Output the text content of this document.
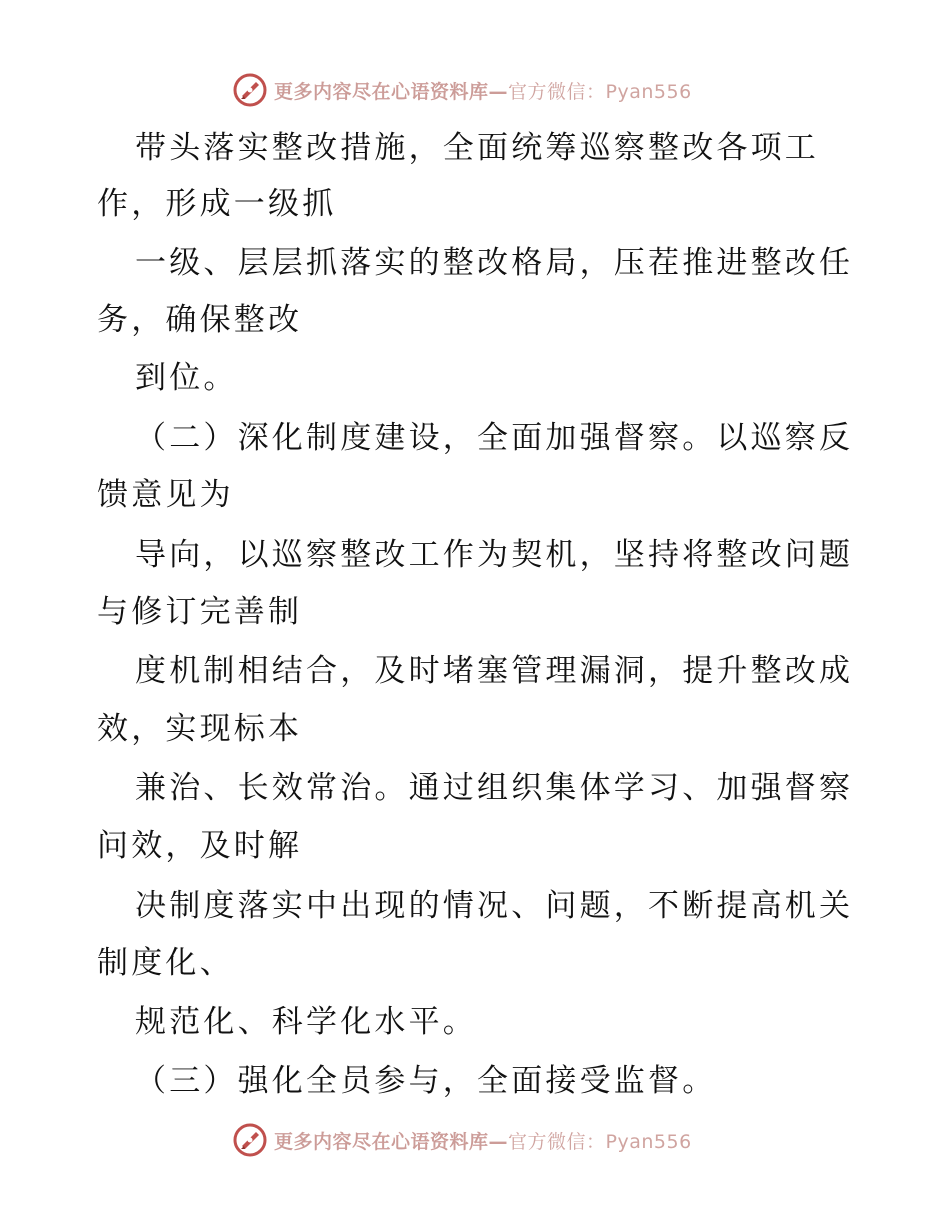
更多内容尽在心语资料库—官方微信：Pyan556
带头落实整改措施，全面统筹巡察整改各项工
作，形成一级抓
一级、层层抓落实的整改格局，压茬推进整改任
务，确保整改
到位。
（二）深化制度建设，全面加强督察。以巡察反
馈意见为
导向，以巡察整改工作为契机，坚持将整改问题
与修订完善制
度机制相结合，及时堵塞管理漏洞，提升整改成
效，实现标本
兼治、长效常治。通过组织集体学习、加强督察
问效，及时解
决制度落实中出现的情况、问题，不断提高机关
制度化、
规范化、科学化水平。
（三）强化全员参与，全面接受监督。
更多内容尽在心语资料库—官方微信：Pyan556
